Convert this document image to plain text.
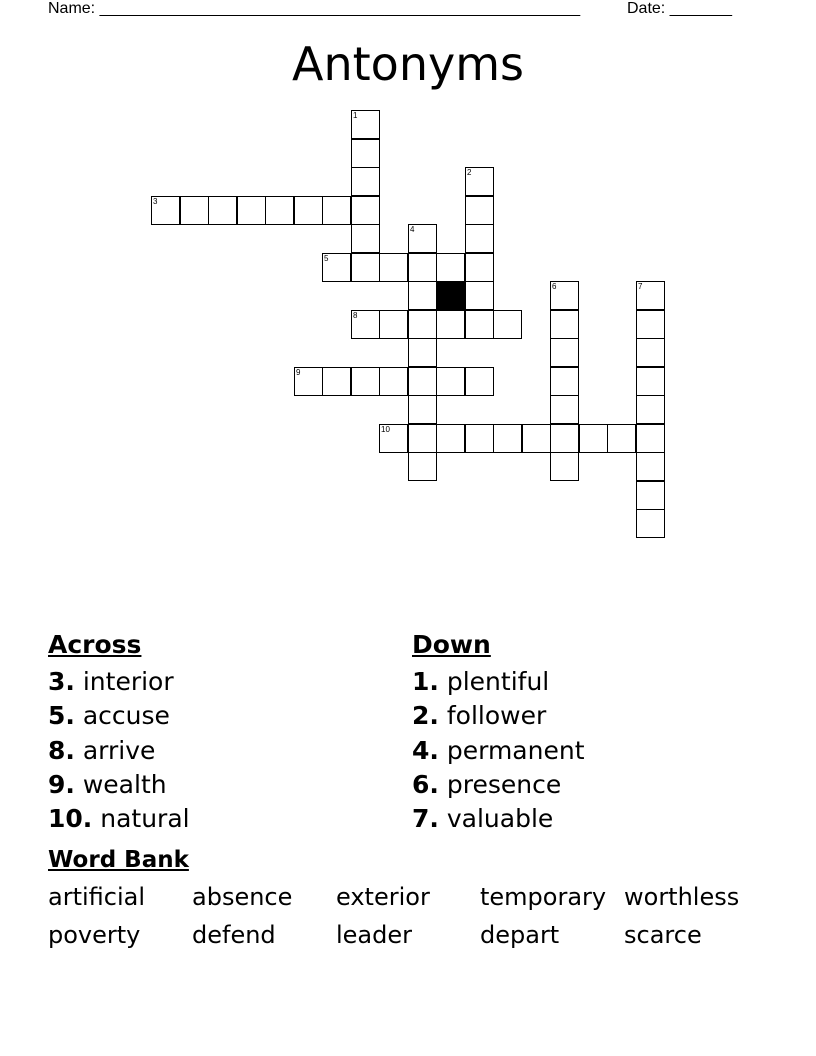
Name: ______________________________________________________	Date: _______
Antonyms
1
2
3
4
5
6	7
8
9
10
Across
3. interior
5. accuse
8. arrive
9. wealth
10. natural
Down
1. plentiful
2. follower
4. permanent
6. presence
7. valuable
Word Bank
artificial absence exterior temporary worthless
poverty defend	leader	depart	scarce
